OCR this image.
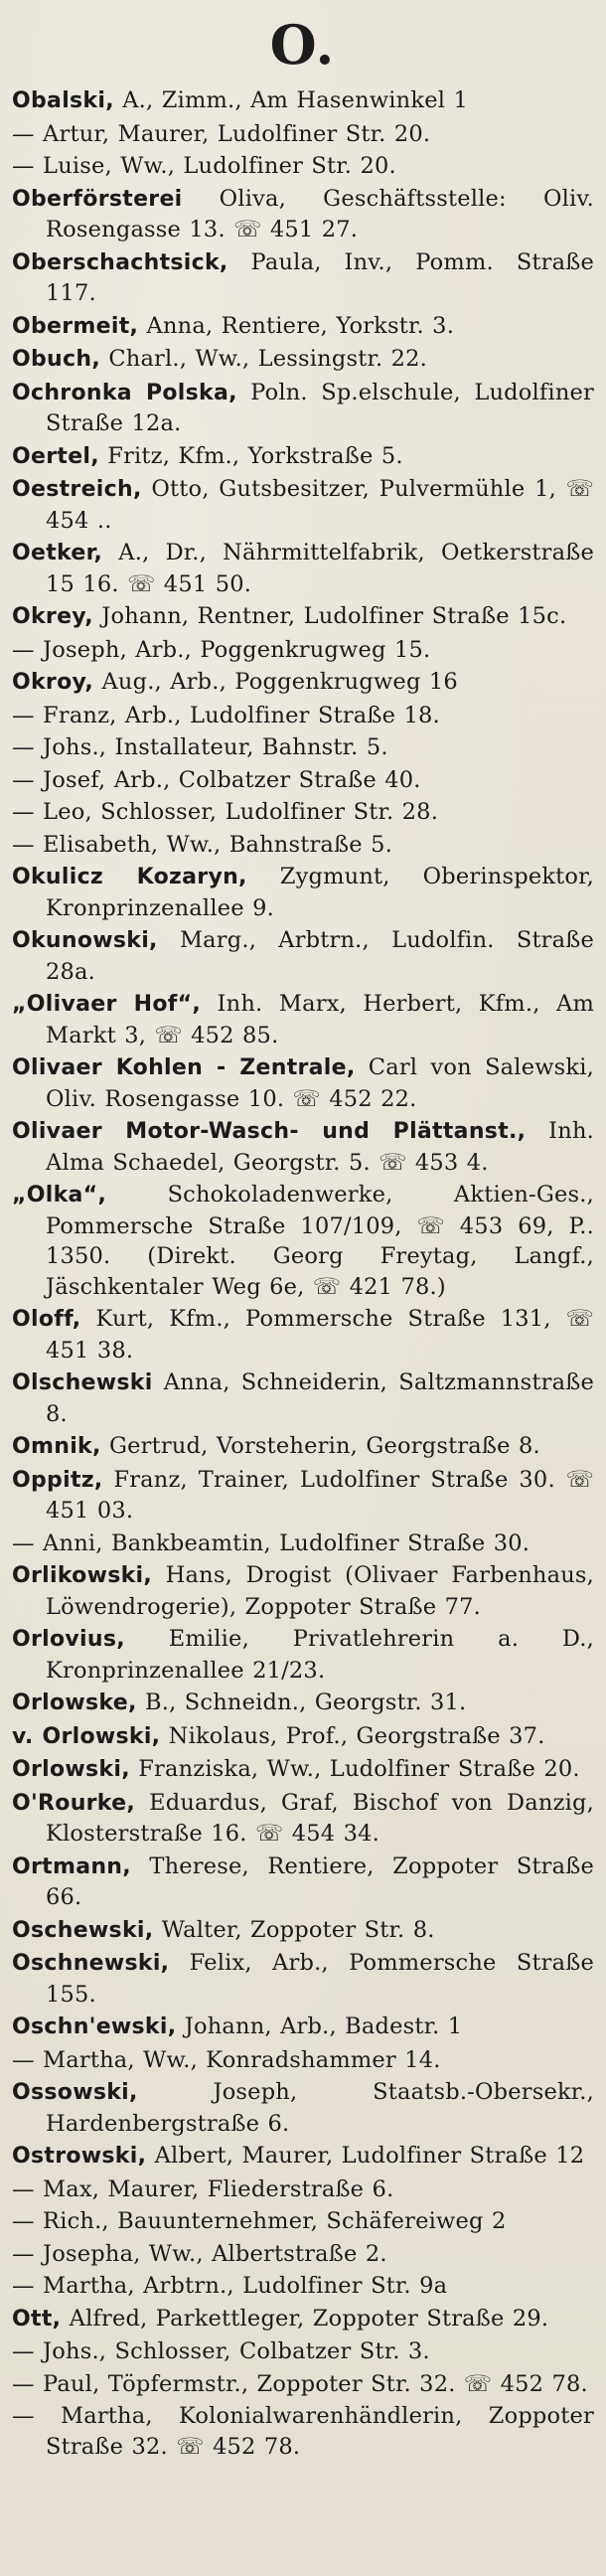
O.

Obalski, A., Zimm., Am Hasenwinkel 1

— Artur, Maurer, Ludolfiner Str. 20.

— Luise, Ww., Ludolfiner Str. 20.

Oberförsterei Oliva, Geschäftsstelle: Oliv. Rosengasse 13. ☏ 451 27.

Oberschachtsick, Paula, Inv., Pomm. Straße 117.

Obermeit, Anna, Rentiere, Yorkstr. 3.

Obuch, Charl., Ww., Lessingstr. 22.

Ochronka Polska, Poln. Sp.elschule, Ludolfiner Straße 12a.

Oertel, Fritz, Kfm., Yorkstraße 5.

Oestreich, Otto, Gutsbesitzer, Pulvermühle 1, ☏ 454 ..

Oetker, A., Dr., Nährmittelfabrik, Oetkerstraße 15 16. ☏ 451 50.

Okrey, Johann, Rentner, Ludolfiner Straße 15c.

— Joseph, Arb., Poggenkrugweg 15.

Okroy, Aug., Arb., Poggenkrugweg 16

— Franz, Arb., Ludolfiner Straße 18.

— Johs., Installateur, Bahnstr. 5.

— Josef, Arb., Colbatzer Straße 40.

— Leo, Schlosser, Ludolfiner Str. 28.

— Elisabeth, Ww., Bahnstraße 5.

Okulicz Kozaryn, Zygmunt, Oberinspektor, Kronprinzenallee 9.

Okunowski, Marg., Arbtrn., Ludolfin. Straße 28a.

„Olivaer Hof“, Inh. Marx, Herbert, Kfm., Am Markt 3, ☏ 452 85.

Olivaer Kohlen - Zentrale, Carl von Salewski, Oliv. Rosengasse 10. ☏ 452 22.

Olivaer Motor-Wasch- und Plättanst., Inh. Alma Schaedel, Georgstr. 5. ☏ 453 4.

„Olka“, Schokoladenwerke, Aktien-Ges., Pommersche Straße 107/109, ☏ 453 69, P.. 1350. (Direkt. Georg Freytag, Langf., Jäschkentaler Weg 6e, ☏ 421 78.)

Oloff, Kurt, Kfm., Pommersche Straße 131, ☏ 451 38.

Olschewski Anna, Schneiderin, Saltzmannstraße 8.

Omnik, Gertrud, Vorsteherin, Georgstraße 8.

Oppitz, Franz, Trainer, Ludolfiner Straße 30. ☏ 451 03.

— Anni, Bankbeamtin, Ludolfiner Straße 30.

Orlikowski, Hans, Drogist (Olivaer Farbenhaus, Löwendrogerie), Zoppoter Straße 77.

Orlovius, Emilie, Privatlehrerin a. D., Kronprinzenallee 21/23.

Orlowske, B., Schneidn., Georgstr. 31.

v. Orlowski, Nikolaus, Prof., Georgstraße 37.

Orlowski, Franziska, Ww., Ludolfiner Straße 20.

O'Rourke, Eduardus, Graf, Bischof von Danzig, Klosterstraße 16. ☏ 454 34.

Ortmann, Therese, Rentiere, Zoppoter Straße 66.

Oschewski, Walter, Zoppoter Str. 8.

Oschnewski, Felix, Arb., Pommersche Straße 155.

Oschn'ewski, Johann, Arb., Badestr. 1

— Martha, Ww., Konradshammer 14.

Ossowski, Joseph, Staatsb.-Obersekr., Hardenbergstraße 6.

Ostrowski, Albert, Maurer, Ludolfiner Straße 12

— Max, Maurer, Fliederstraße 6.

— Rich., Bauunternehmer, Schäfereiweg 2

— Josepha, Ww., Albertstraße 2.

— Martha, Arbtrn., Ludolfiner Str. 9a

Ott, Alfred, Parkettleger, Zoppoter Straße 29.

— Johs., Schlosser, Colbatzer Str. 3.

— Paul, Töpfermstr., Zoppoter Str. 32. ☏ 452 78.

— Martha, Kolonialwarenhändlerin, Zoppoter Straße 32. ☏ 452 78.
